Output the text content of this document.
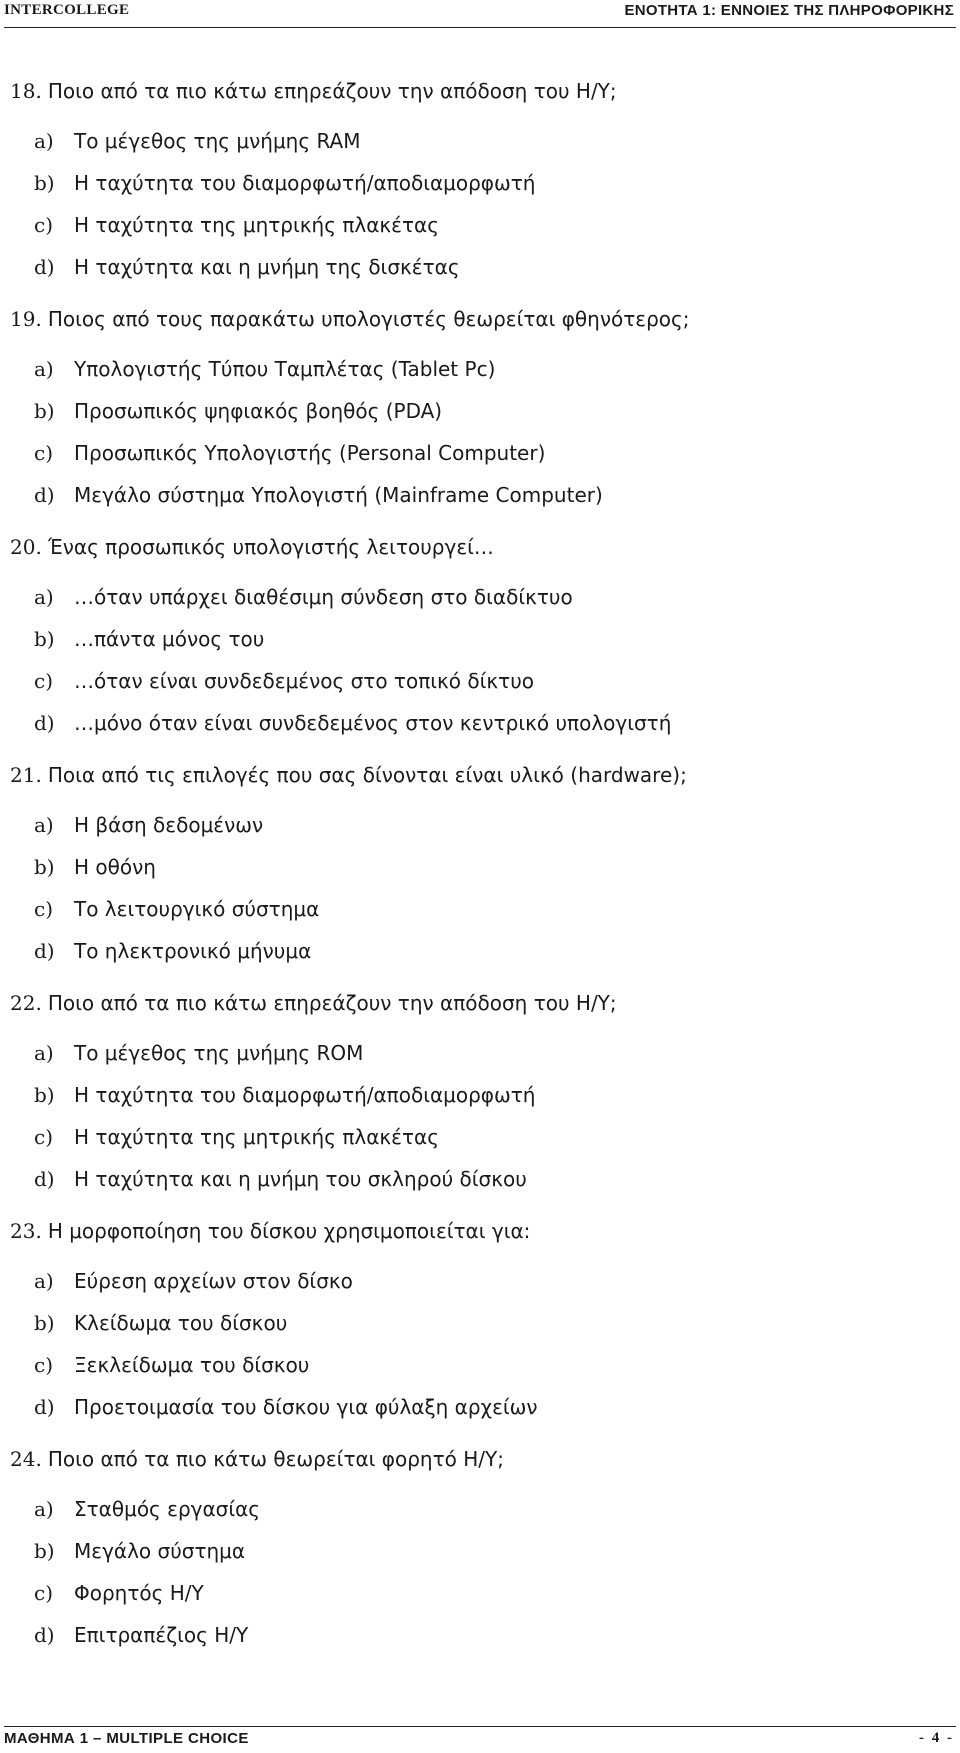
INTERCOLLEGE	ΕΝΟΤΗΤΑ 1: ΕΝΝΟΙΕΣ ΤΗΣ ΠΛΗΡΟΦΟΡΙΚΗΣ
18. Ποιο από τα πιο κάτω επηρεάζουν την απόδοση του Η/Υ;
a) Το μέγεθος της μνήμης RAM
b) Η ταχύτητα του διαμορφωτή/αποδιαμορφωτή
c) Η ταχύτητα της μητρικής πλακέτας
d) Η ταχύτητα και η μνήμη της δισκέτας
19. Ποιος από τους παρακάτω υπολογιστές θεωρείται φθηνότερος;
a) Υπολογιστής Τύπου Ταμπλέτας (Tablet Pc)
b) Προσωπικός ψηφιακός βοηθός (PDA)
c) Προσωπικός Υπολογιστής (Personal Computer)
d) Μεγάλο σύστημα Υπολογιστή (Mainframe Computer)
20. Ένας προσωπικός υπολογιστής λειτουργεί…
a) …όταν υπάρχει διαθέσιμη σύνδεση στο διαδίκτυο
b) …πάντα μόνος του
c) …όταν είναι συνδεδεμένος στο τοπικό δίκτυο
d) …μόνο όταν είναι συνδεδεμένος στον κεντρικό υπολογιστή
21. Ποια από τις επιλογές που σας δίνονται είναι υλικό (hardware);
a) Η βάση δεδομένων
b) Η οθόνη
c) Το λειτουργικό σύστημα
d) Το ηλεκτρονικό μήνυμα
22. Ποιο από τα πιο κάτω επηρεάζουν την απόδοση του Η/Υ;
a) Το μέγεθος της μνήμης ROM
b) Η ταχύτητα του διαμορφωτή/αποδιαμορφωτή
c) Η ταχύτητα της μητρικής πλακέτας
d) Η ταχύτητα και η μνήμη του σκληρού δίσκου
23. Η μορφοποίηση του δίσκου χρησιμοποιείται για:
a) Εύρεση αρχείων στον δίσκο
b) Κλείδωμα του δίσκου
c) Ξεκλείδωμα του δίσκου
d) Προετοιμασία του δίσκου για φύλαξη αρχείων
24. Ποιο από τα πιο κάτω θεωρείται φορητό Η/Υ;
a) Σταθμός εργασίας
b) Μεγάλο σύστημα
c) Φορητός Η/Υ
d) Επιτραπέζιος Η/Υ
ΜΑΘΗΜΑ 1 – MULTIPLE CHOICE	- 4 -
